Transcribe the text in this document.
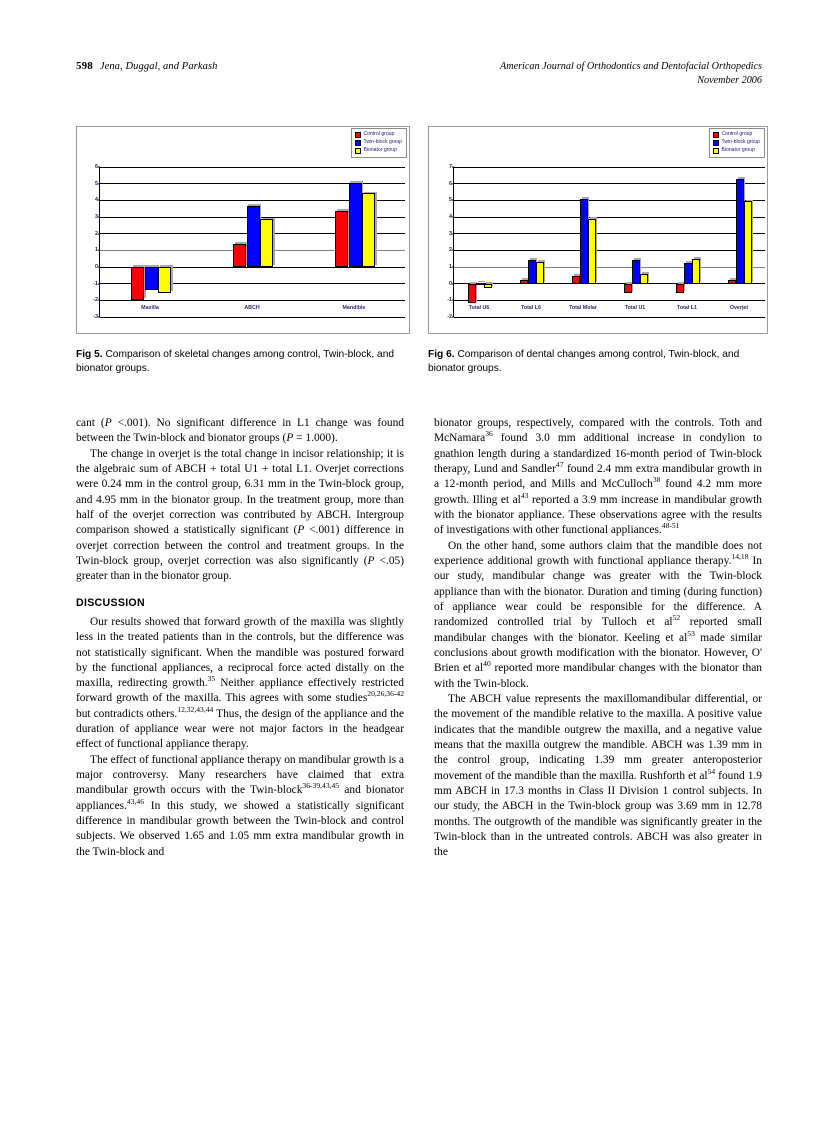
598 Jena, Duggal, and Parkash	American Journal of Orthodontics and Dentofacial Orthopedics
November 2006
6
5
4
3
2
1
0
-1
-2
-3
Maxilla	ABCH	Mandible
Control group
Twin-block group
Bionator group
Fig 5. Comparison of skeletal changes among control, Twin-block, and bionator groups.
7
6
5
4
3
2
1
0
-1
-2
Total U6	Total L6	Total Molar	Total U1	Total L1	Overjet
Control group
Twin-block group
Bionator group
Fig 6. Comparison of dental changes among control, Twin-block, and bionator groups.

cant (P <.001). No significant difference in L1 change was found between the Twin-block and bionator groups (P = 1.000).

The change in overjet is the total change in incisor relationship; it is the algebraic sum of ABCH + total U1 + total L1. Overjet corrections were 0.24 mm in the control group, 6.31 mm in the Twin-block group, and 4.95 mm in the bionator group. In the treatment group, more than half of the overjet correction was contributed by ABCH. Intergroup comparison showed a statistically significant (P <.001) difference in overjet correction between the control and treatment groups. In the Twin-block group, overjet correction was also significantly (P <.05) greater than in the bionator group.

DISCUSSION

Our results showed that forward growth of the maxilla was slightly less in the treated patients than in the controls, but the difference was not statistically significant. When the mandible was postured forward by the functional appliances, a reciprocal force acted distally on the maxilla, redirecting growth.$^{35}$ Neither appliance effectively restricted forward growth of the maxilla. This agrees with some studies$^{20,26,36-42}$ but contradicts others.$^{12,32,43,44}$ Thus, the design of the appliance and the duration of appliance wear were not major factors in the headgear effect of functional appliance therapy.

The effect of functional appliance therapy on mandibular growth is a major controversy. Many researchers have claimed that extra mandibular growth occurs with the Twin-block$^{36-39,43,45}$ and bionator appliances.$^{43,46}$ In this study, we showed a statistically significant difference in mandibular growth between the Twin-block and control subjects. We observed 1.65 and 1.05 mm extra mandibular growth in the Twin-block and

bionator groups, respectively, compared with the controls. Toth and McNamara$^{36}$ found 3.0 mm additional increase in condylion to gnathion length during a standardized 16-month period of Twin-block therapy, Lund and Sandler$^{47}$ found 2.4 mm extra mandibular growth in a 12-month period, and Mills and McCulloch$^{38}$ found 4.2 mm more growth. Illing et $al^{43}$ reported a 3.9 mm increase in mandibular growth with the bionator appliance. These observations agree with the results of investigations with other functional appliances.$^{48-51}$

On the other hand, some authors claim that the mandible does not experience additional growth with functional appliance therapy.$^{14,18}$ In our study, mandibular change was greater with the Twin-block appliance than with the bionator. Duration and timing (during function) of appliance wear could be responsible for the difference. A randomized controlled trial by Tulloch et $al^{52}$ reported small mandibular changes with the bionator. Keeling et $al^{53}$ made similar conclusions about growth modification with the bionator. However, O' Brien et $al^{40}$ reported more mandibular changes with the bionator than with the Twin-block.

The ABCH value represents the maxillomandibular differential, or the movement of the mandible relative to the maxilla. A positive value indicates that the mandible outgrew the maxilla, and a negative value means that the maxilla outgrew the mandible. ABCH was 1.39 mm in the control group, indicating 1.39 mm greater anteroposterior movement of the mandible than the maxilla. Rushforth et $al^{54}$ found 1.9 mm ABCH in 17.3 months in Class II Division 1 control subjects. In our study, the ABCH in the Twin-block group was 3.69 mm in 12.78 months. The outgrowth of the mandible was significantly greater in the Twin-block than in the untreated controls. ABCH was also greater in the
